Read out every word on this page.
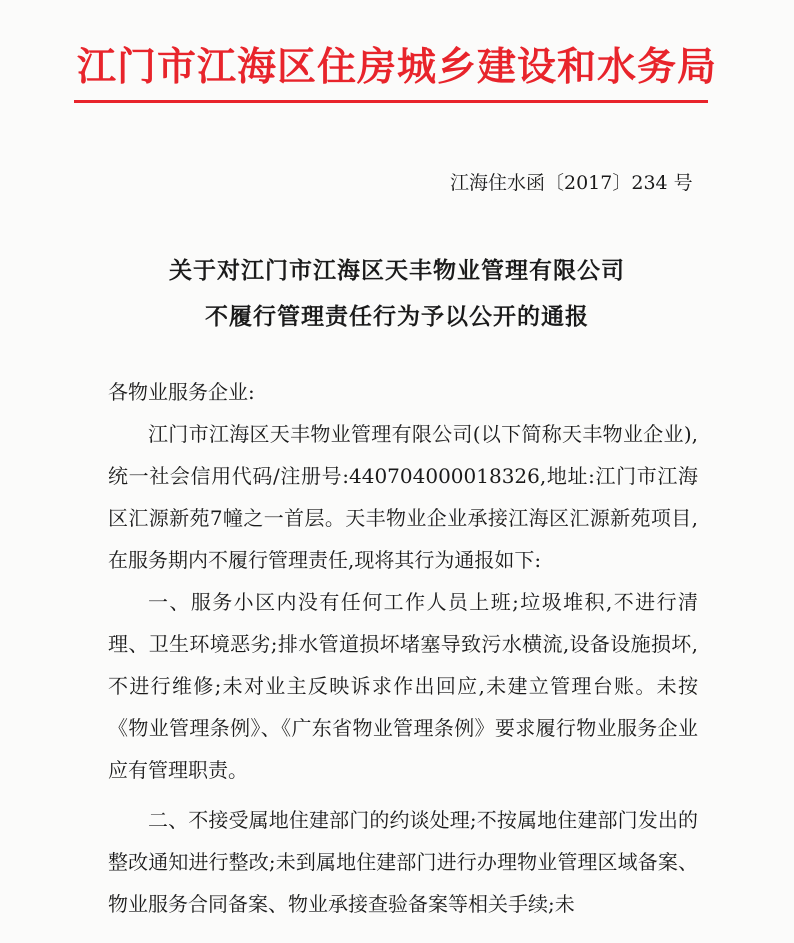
江门市江海区住房城乡建设和水务局
江海住水函〔2017〕234 号
关于对江门市江海区天丰物业管理有限公司
不履行管理责任行为予以公开的通报

各物业服务企业:

江门市江海区天丰物业管理有限公司(以下简称天丰物业企业),统一社会信用代码/注册号:440704000018326,地址:江门市江海区汇源新苑7幢之一首层。天丰物业企业承接江海区汇源新苑项目,在服务期内不履行管理责任,现将其行为通报如下:

一、服务小区内没有任何工作人员上班;垃圾堆积,不进行清理、卫生环境恶劣;排水管道损坏堵塞导致污水横流,设备设施损坏,不进行维修;未对业主反映诉求作出回应,未建立管理台账。未按《物业管理条例》、《广东省物业管理条例》要求履行物业服务企业应有管理职责。

二、不接受属地住建部门的约谈处理;不按属地住建部门发出的整改通知进行整改;未到属地住建部门进行办理物业管理区域备案、物业服务合同备案、物业承接查验备案等相关手续;未
